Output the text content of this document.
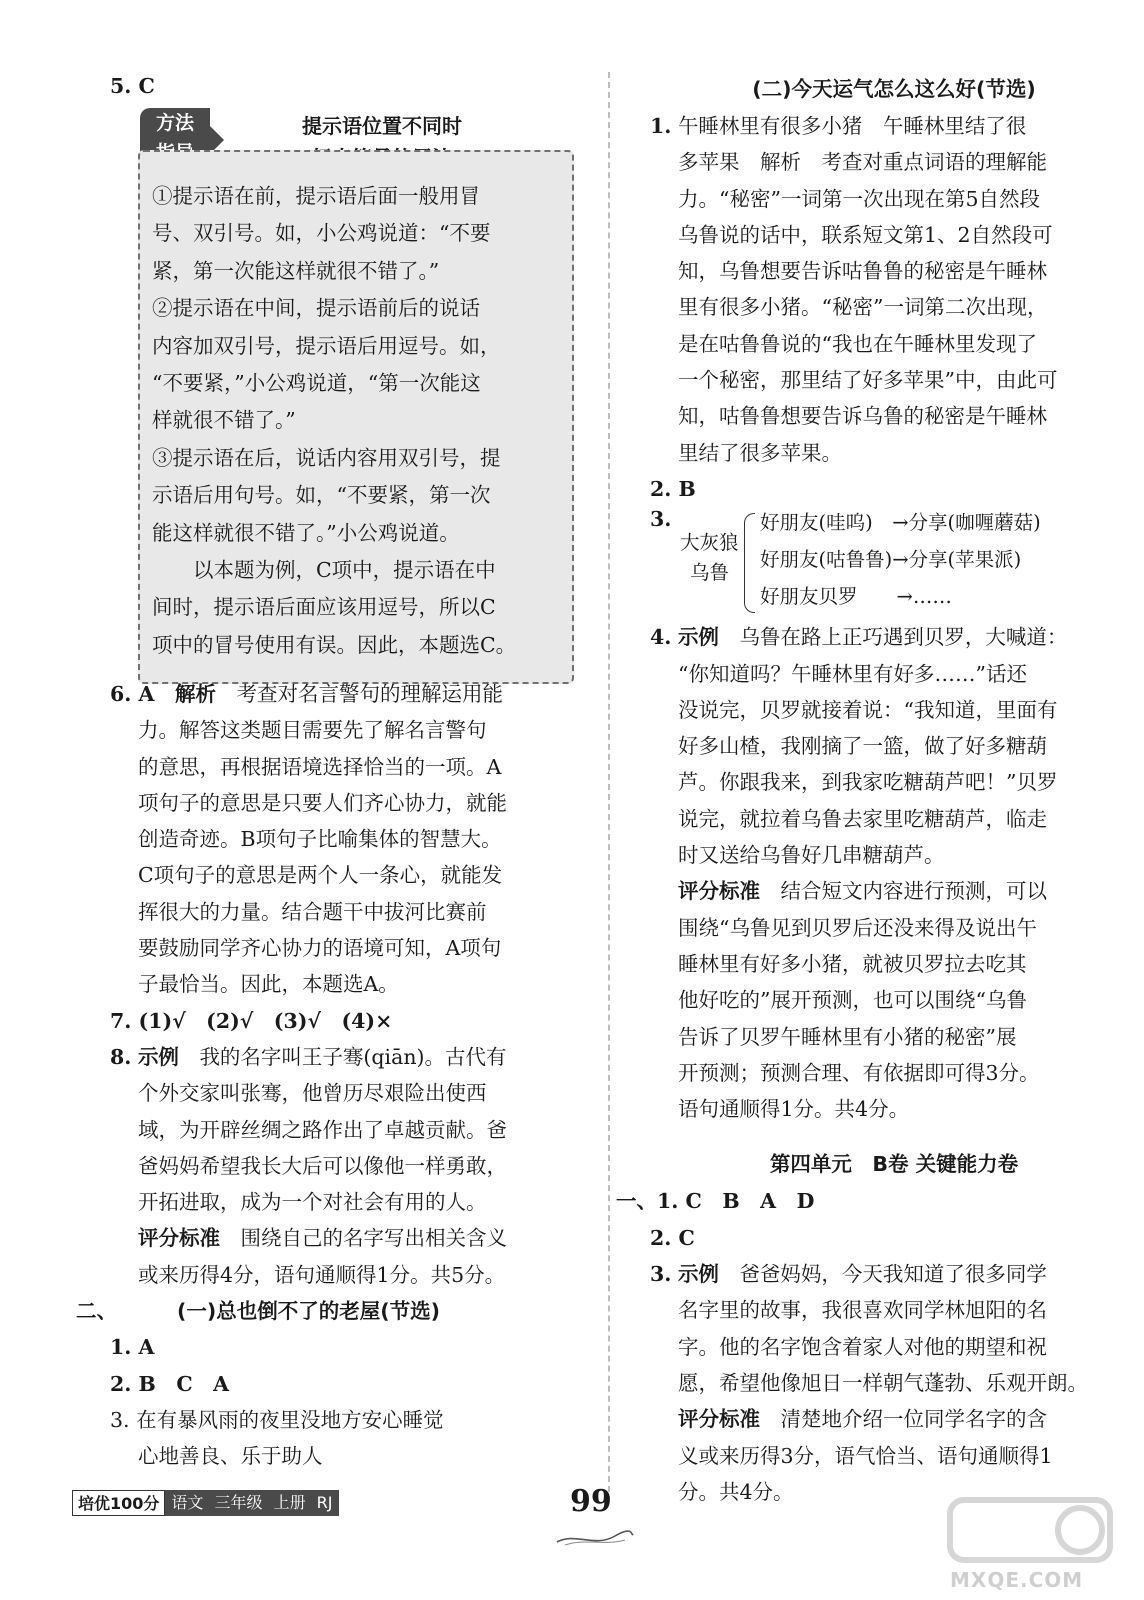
5. C
方法	提示语位置不同时
①提示语在前，提示语后面一般用冒
号、双引号。如，小公鸡说道：“不要
紧，第一次能这样就很不错了。”
②提示语在中间，提示语前后的说话
内容加双引号，提示语后用逗号。如，
“不要紧，”小公鸡说道，“第一次能这
样就很不错了。”
③提示语在后，说话内容用双引号，提
示语后用句号。如，“不要紧，第一次
能这样就很不错了。”小公鸡说道。
　　以本题为例，C项中，提示语在中
间时，提示语后面应该用逗号，所以C
项中的冒号使用有误。因此，本题选C。
6. A　 解析　 考查对名言警句的理解运用能
力。解答这类题目需要先了解名言警句
的意思，再根据语境选择恰当的一项。A
项句子的意思是只要人们齐心协力，就能
创造奇迹。B项句子比喻集体的智慧大。
C项句子的意思是两个人一条心，就能发
挥很大的力量。结合题干中拔河比赛前
要鼓励同学齐心协力的语境可知，A项句
子最恰当。因此，本题选A。
7. (1)√　(2)√　(3)√　(4)×
8. 示例　 我的名字叫王子骞(qiān)。古代有
个外交家叫张骞，他曾历尽艰险出使西
域，为开辟丝绸之路作出了卓越贡献。爸
爸妈妈希望我长大后可以像他一样勇敢，
开拓进取，成为一个对社会有用的人。
评分标准　 围绕自己的名字写出相关含义
或来历得4分，语句通顺得1分。共5分。
二、	(一)总也倒不了的老屋(节选)
1. A
2. B　C　A
3. 在有暴风雨的夜里没地方安心睡觉
心地善良、乐于助人
(二)今天运气怎么这么好(节选)
1. 午睡林里有很多小猪　午睡林里结了很
多苹果　解析　考查对重点词语的理解能
力。“秘密”一词第一次出现在第5自然段
乌鲁说的话中，联系短文第1、2自然段可
知，乌鲁想要告诉咕鲁鲁的秘密是午睡林
里有很多小猪。“秘密”一词第二次出现，
是在咕鲁鲁说的“我也在午睡林里发现了
一个秘密，那里结了好多苹果”中，由此可
知，咕鲁鲁想要告诉乌鲁的秘密是午睡林
里结了很多苹果。
2. B
3.
大灰狼
乌鲁
好朋友(哇呜)　→分享(咖喱蘑菇)
好朋友(咕鲁鲁)→分享(苹果派)
好朋友贝罗　　→……
4. 示例　 乌鲁在路上正巧遇到贝罗，大喊道：
“你知道吗？午睡林里有好多……”话还
没说完，贝罗就接着说：“我知道，里面有
好多山楂，我刚摘了一篮，做了好多糖葫
芦。你跟我来，到我家吃糖葫芦吧！”贝罗
说完，就拉着乌鲁去家里吃糖葫芦，临走
时又送给乌鲁好几串糖葫芦。
评分标准　 结合短文内容进行预测，可以
围绕“乌鲁见到贝罗后还没来得及说出午
睡林里有好多小猪，就被贝罗拉去吃其
他好吃的”展开预测，也可以围绕“乌鲁
告诉了贝罗午睡林里有小猪的秘密”展
开预测；预测合理、有依据即可得3分。
语句通顺得1分。共4分。
第四单元　B卷 关键能力卷
一、1. C　B　A　D
2. C
3. 示例　 爸爸妈妈，今天我知道了很多同学
名字里的故事，我很喜欢同学林旭阳的名
字。他的名字饱含着家人对他的期望和祝
愿，希望他像旭日一样朝气蓬勃、乐观开朗。
评分标准　 清楚地介绍一位同学名字的含
义或来历得3分，语气恰当、语句通顺得1
分。共4分。
培优100分 语文 三年级 上册 RJ	99
MXQE.COM
